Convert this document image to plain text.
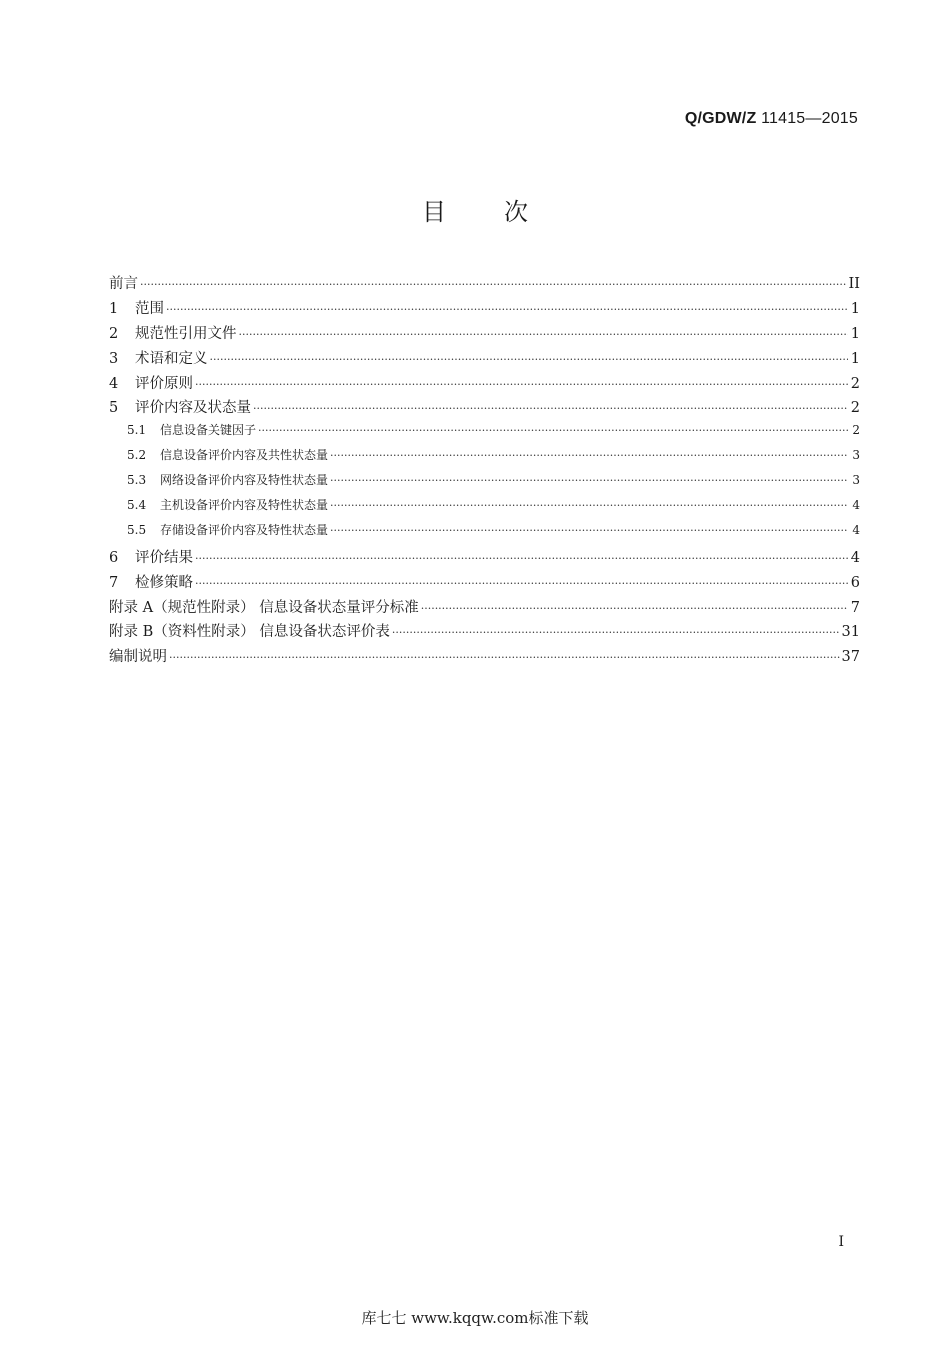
Q/GDW/Z 11415—2015
目次
前言 ·····	II
1	范围 ·····	1
2	规范性引用文件 ·····	1
3	术语和定义 ·····	1
4	评价原则 ·····	2
5	评价内容及状态量 ·····	2
5.1	信息设备关键因子 ·····	2
5.2	信息设备评价内容及共性状态量 ·····	3
5.3	网络设备评价内容及特性状态量 ·····	3
5.4	主机设备评价内容及特性状态量 ·····	4
5.5	存储设备评价内容及特性状态量 ·····	4
6	评价结果 ·····	4
7	检修策略 ·····	6
附录 A（规范性附录） 信息设备状态量评分标准 ·····	7
附录 B（资料性附录） 信息设备状态评价表 ·····	31
编制说明 ·····	37
I
库七七 www.kqqw.com标准下载
